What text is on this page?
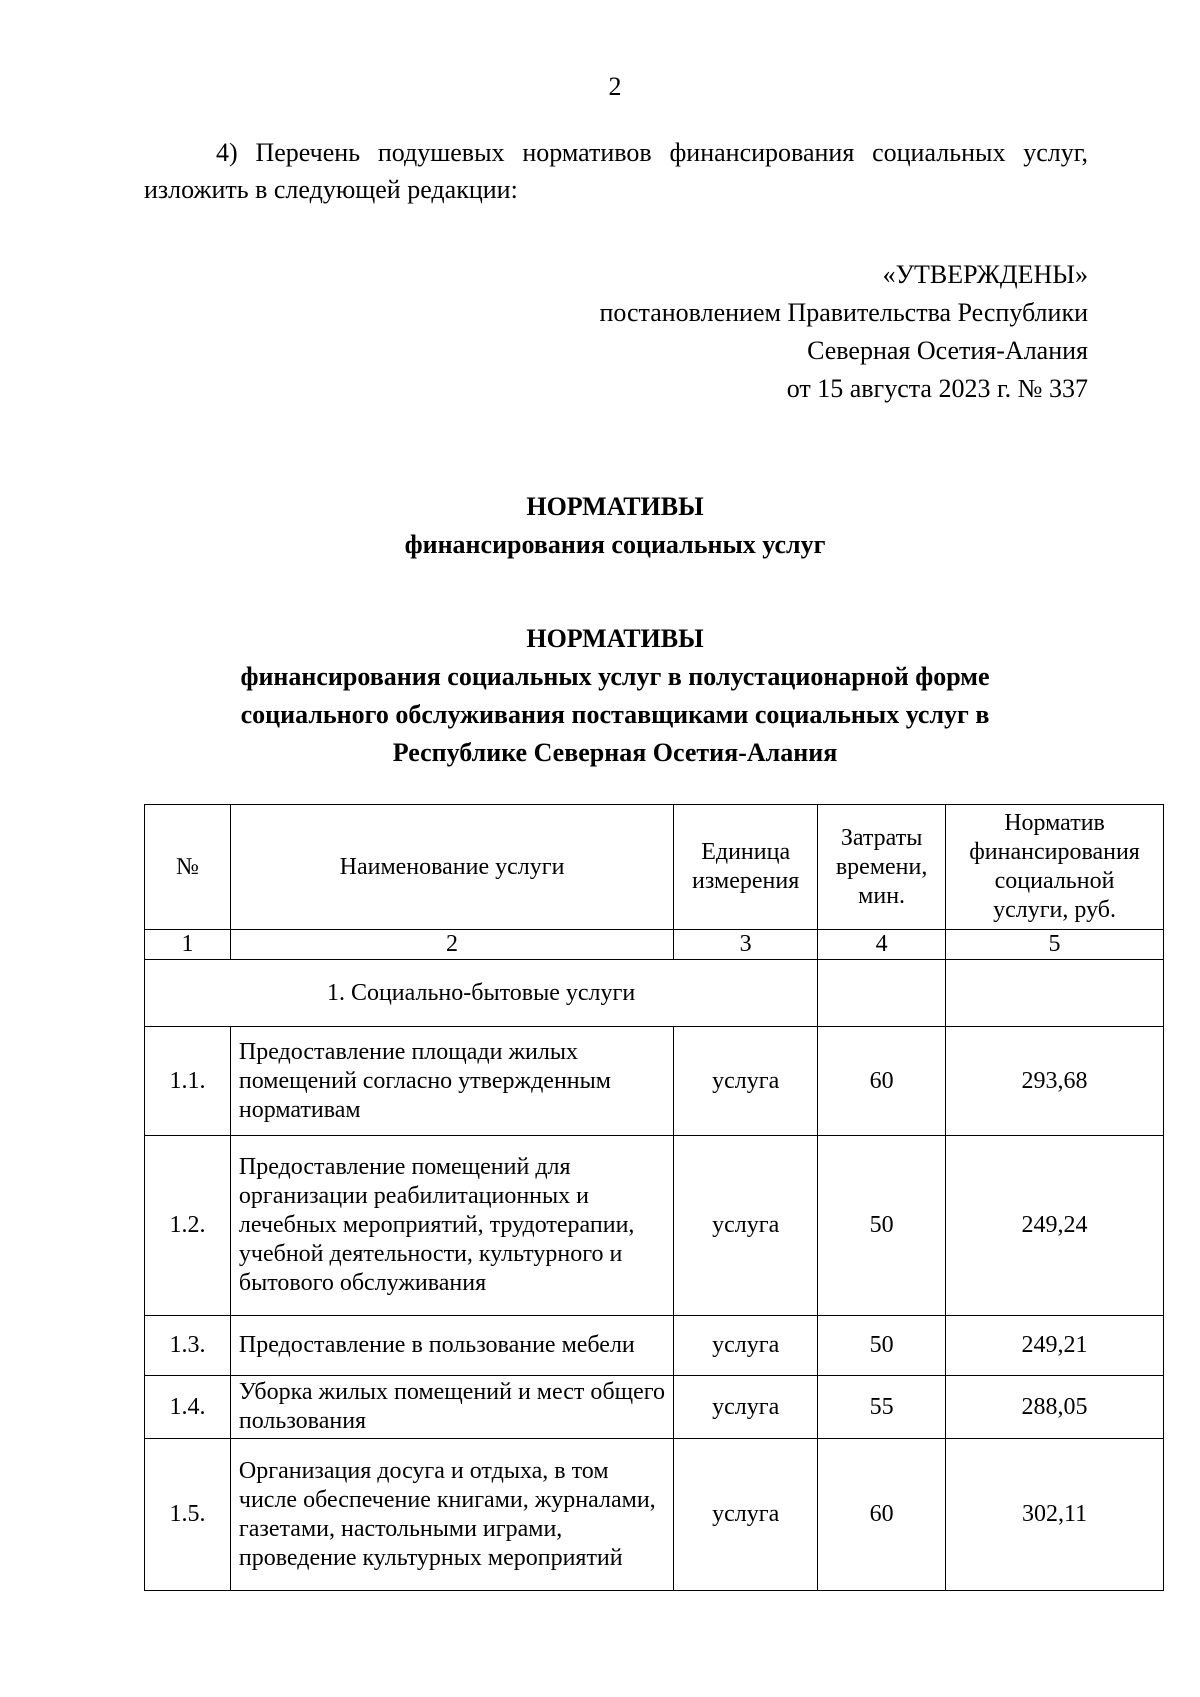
2
4) Перечень подушевых нормативов финансирования социальных услуг, изложить в следующей редакции:
«УТВЕРЖДЕНЫ»
постановлением Правительства Республики
Северная Осетия-Алания
от 15 августа 2023 г. № 337
НОРМАТИВЫ
финансирования социальных услуг
НОРМАТИВЫ
финансирования социальных услуг в полустационарной форме
социального обслуживания поставщиками социальных услуг в
Республике Северная Осетия-Алания
№	Наименование услуги	Единица измерения	Затраты времени, мин.	Норматив финансирования социальной услуги, руб.
1	2	3	4	5
1. Социально-бытовые услуги				
1.1.	Предоставление площади жилых помещений согласно утвержденным нормативам	услуга	60	293,68
1.2.	Предоставление помещений для организации реабилитационных и лечебных мероприятий, трудотерапии, учебной деятельности, культурного и бытового обслуживания	услуга	50	249,24
1.3.	Предоставление в пользование мебели	услуга	50	249,21
1.4.	Уборка жилых помещений и мест общего пользования	услуга	55	288,05
1.5.	Организация досуга и отдыха, в том числе обеспечение книгами, журналами, газетами, настольными играми, проведение культурных мероприятий	услуга	60	302,11
